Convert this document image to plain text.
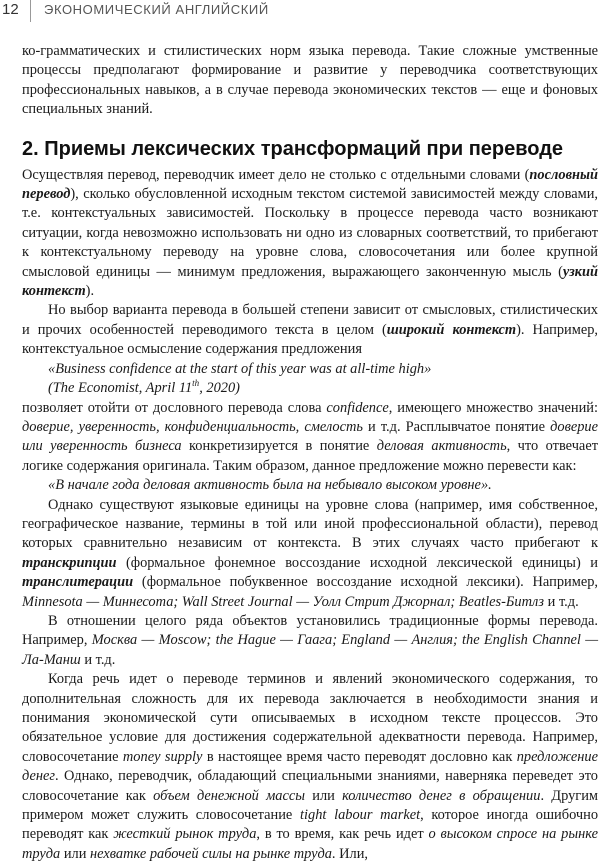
12 ЭКОНОМИЧЕСКИЙ АНГЛИЙСКИЙ

ко-грамматических и стилистических норм языка перевода. Такие сложные умственные процессы предполагают формирование и развитие у переводчика соответствующих профессиональных навыков, а в случае перевода экономических текстов — еще и фоновых специальных знаний.

2. Приемы лексических трансформаций при переводе

Осуществляя перевод, переводчик имеет дело не столько с отдельными словами (пословный перевод), сколько обусловленной исходным текстом системой зависимостей между словами, т.е. контекстуальных зависимостей. Поскольку в процессе перевода часто возникают ситуации, когда невозможно использовать ни одно из словарных соответствий, то прибегают к контекстуальному переводу на уровне слова, словосочетания или более крупной смысловой единицы — минимум предложения, выражающего законченную мысль (узкий контекст).

Но выбор варианта перевода в большей степени зависит от смысловых, стилистических и прочих особенностей переводимого текста в целом (широкий контекст). Например, контекстуальное осмысление содержания предложения

«Business confidence at the start of this year was at all-time high»

(The Economist, April 11th, 2020)

позволяет отойти от дословного перевода слова confidence, имеющего множество значений: доверие, уверенность, конфиденциальность, смелость и т.д. Расплывчатое понятие доверие или уверенность бизнеса конкретизируется в понятие деловая активность, что отвечает логике содержания оригинала. Таким образом, данное предложение можно перевести как:

«В начале года деловая активность была на небывало высоком уровне».

Однако существуют языковые единицы на уровне слова (например, имя собственное, географическое название, термины в той или иной профессиональной области), перевод которых сравнительно независим от контекста. В этих случаях часто прибегают к транскрипции (формальное фонемное воссоздание исходной лексической единицы) и транслитерации (формальное побуквенное воссоздание исходной лексики). Например, Minnesota — Миннесота; Wall Street Journal — Уолл Стрит Джорнал; Beatles-Битлз и т.д.

В отношении целого ряда объектов установились традиционные формы перевода. Например, Москва — Moscow; the Hague — Гаага; England — Англия; the English Channel — Ла-Манш и т.д.

Когда речь идет о переводе терминов и явлений экономического содержания, то дополнительная сложность для их перевода заключается в необходимости знания и понимания экономической сути описываемых в исходном тексте процессов. Это обязательное условие для достижения содержательной адекватности перевода. Например, словосочетание money supply в настоящее время часто переводят дословно как предложение денег. Однако, переводчик, обладающий специальными знаниями, наверняка переведет это словосочетание как объем денежной массы или количество денег в обращении. Другим примером может служить словосочетание tight labour market, которое иногда ошибочно переводят как жесткий рынок труда, в то время, как речь идет о высоком спросе на рынке труда или нехватке рабочей силы на рынке труда. Или,
